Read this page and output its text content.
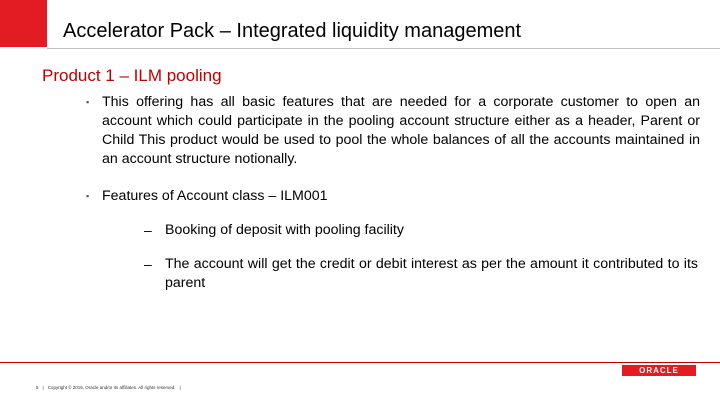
Accelerator Pack – Integrated liquidity management
Product 1 – ILM pooling
▪ This offering has all basic features that are needed for a corporate customer to open an account which could participate in the pooling account structure either as a header, Parent or Child This product would be used to pool the whole balances of all the accounts maintained in an account structure notionally.
▪ Features of Account class – ILM001
– Booking of deposit with pooling facility
– The account will get the credit or debit interest as per the amount it contributed to its parent
ORACLE
5 | Copyright © 2015, Oracle and/or its affiliates. All rights reserved. |
